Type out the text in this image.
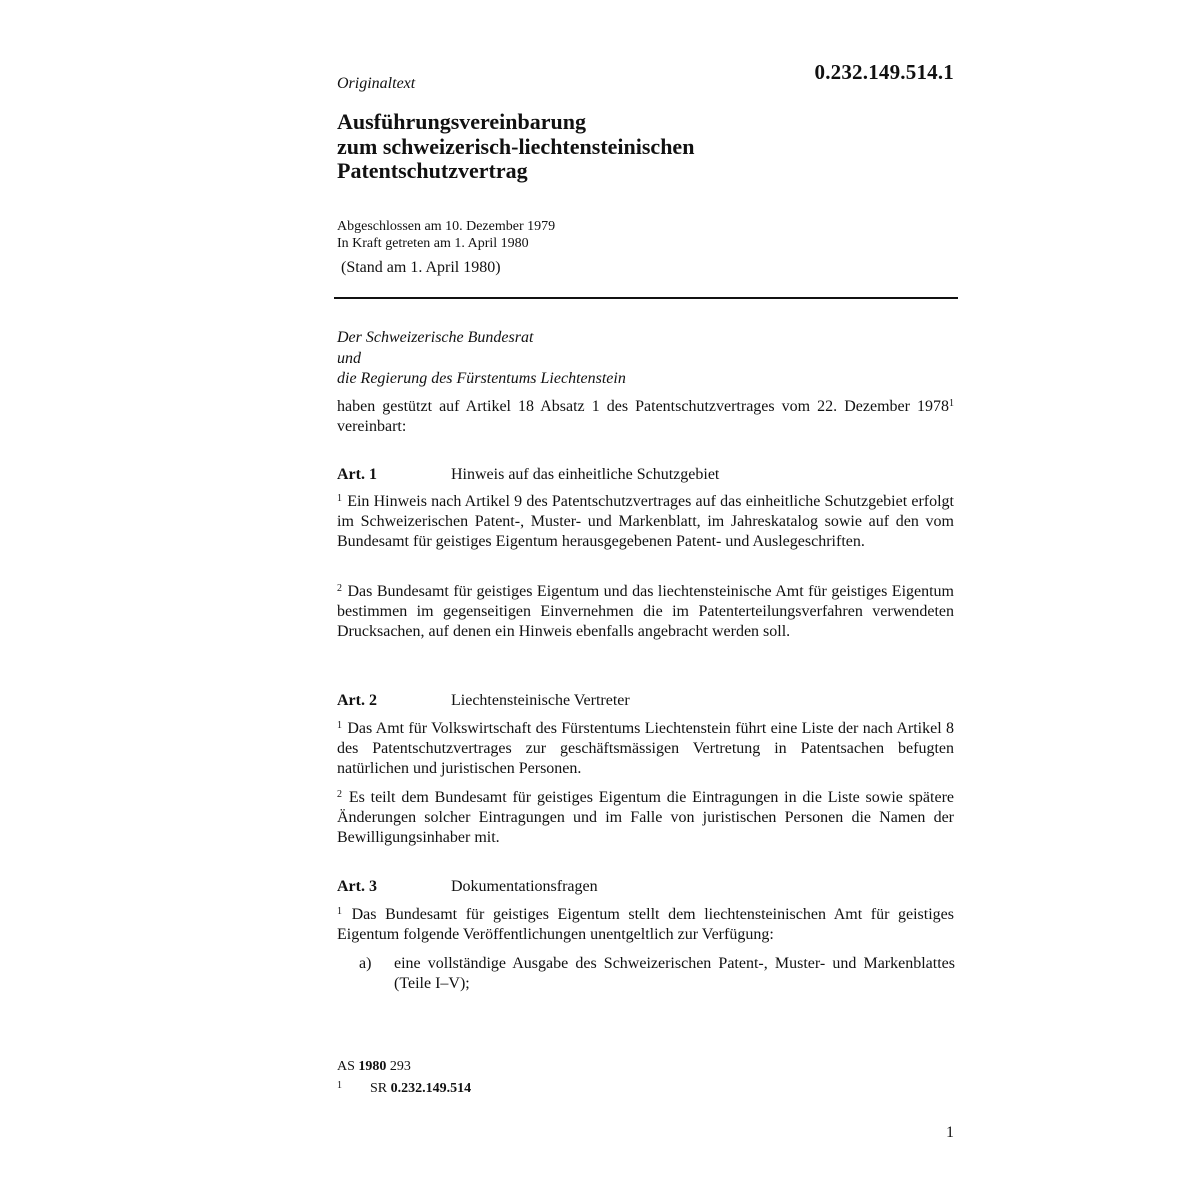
Originaltext	0.232.149.514.1
Ausführungsvereinbarung
zum schweizerisch-liechtensteinischen
Patentschutzvertrag
Abgeschlossen am 10. Dezember 1979
In Kraft getreten am 1. April 1980
(Stand am 1. April 1980)
Der Schweizerische Bundesrat
und
die Regierung des Fürstentums Liechtenstein

haben gestützt auf Artikel 18 Absatz 1 des Patentschutzvertrages vom 22. Dezember 1978$^1$ vereinbart:

Art. 1	Hinweis auf das einheitliche Schutzgebiet

$^1$ Ein Hinweis nach Artikel 9 des Patentschutzvertrages auf das einheitliche Schutzgebiet erfolgt im Schweizerischen Patent-, Muster- und Markenblatt, im Jahreskatalog sowie auf den vom Bundesamt für geistiges Eigentum herausgegebenen Patent- und Auslegeschriften.

$^2$ Das Bundesamt für geistiges Eigentum und das liechtensteinische Amt für geistiges Eigentum bestimmen im gegenseitigen Einvernehmen die im Patenterteilungsverfahren verwendeten Drucksachen, auf denen ein Hinweis ebenfalls angebracht werden soll.

Art. 2	Liechtensteinische Vertreter

$^1$ Das Amt für Volkswirtschaft des Fürstentums Liechtenstein führt eine Liste der nach Artikel 8 des Patentschutzvertrages zur geschäftsmässigen Vertretung in Patentsachen befugten natürlichen und juristischen Personen.

$^2$ Es teilt dem Bundesamt für geistiges Eigentum die Eintragungen in die Liste sowie spätere Änderungen solcher Eintragungen und im Falle von juristischen Personen die Namen der Bewilligungsinhaber mit.

Art. 3	Dokumentationsfragen

$^1$ Das Bundesamt für geistiges Eigentum stellt dem liechtensteinischen Amt für geistiges Eigentum folgende Veröffentlichungen unentgeltlich zur Verfügung:

a) eine vollständige Ausgabe des Schweizerischen Patent-, Muster- und Markenblattes (Teile I–V);
AS 1980 293
1 SR 0.232.149.514
1
